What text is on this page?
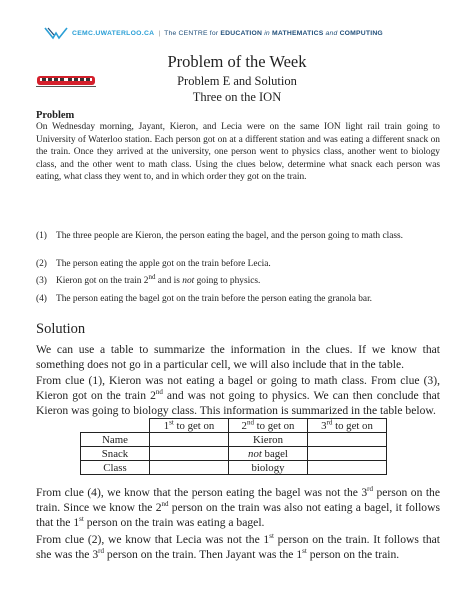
CEMC.UWATERLOO.CA | The CENTRE for EDUCATION in MATHEMATICS and COMPUTING
Problem of the Week
Problem E and Solution
Three on the ION
Problem
On Wednesday morning, Jayant, Kieron, and Lecia were on the same ION light rail train going to University of Waterloo station. Each person got on at a different station and was eating a different snack on the train. Once they arrived at the university, one person went to physics class, another went to biology class, and the other went to math class. Using the clues below, determine what snack each person was eating, what class they went to, and in which order they got on the train.
(1) The three people are Kieron, the person eating the bagel, and the person going to math class.
(2) The person eating the apple got on the train before Lecia.
(3) Kieron got on the train 2nd and is not going to physics.
(4) The person eating the bagel got on the train before the person eating the granola bar.
Solution
We can use a table to summarize the information in the clues. If we know that something does not go in a particular cell, we will also include that in the table.
From clue (1), Kieron was not eating a bagel or going to math class. From clue (3), Kieron got on the train 2nd and was not going to physics. We can then conclude that Kieron was going to biology class. This information is summarized in the table below.
	1st to get on	2nd to get on	3rd to get on
Name		Kieron	
Snack		not bagel	
Class		biology	
From clue (4), we know that the person eating the bagel was not the 3rd person on the train. Since we know the 2nd person on the train was also not eating a bagel, it follows that the 1st person on the train was eating a bagel.
From clue (2), we know that Lecia was not the 1st person on the train. It follows that she was the 3rd person on the train. Then Jayant was the 1st person on the train.
